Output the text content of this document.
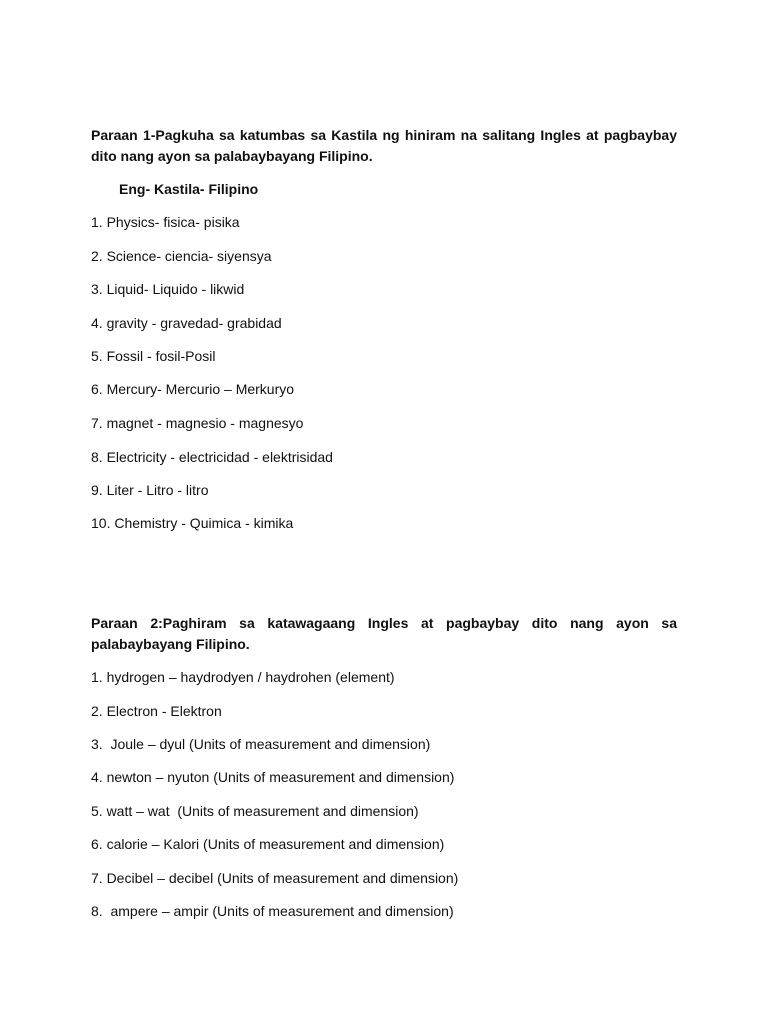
Paraan 1-Pagkuha sa katumbas sa Kastila ng hiniram na salitang Ingles at pagbaybay dito nang ayon sa palabaybayang Filipino.

Eng- Kastila- Filipino

1. Physics- fisica- pisika

2. Science- ciencia- siyensya

3. Liquid- Liquido - likwid

4. gravity - gravedad- grabidad

5. Fossil - fosil-Posil

6. Mercury- Mercurio – Merkuryo

7. magnet - magnesio - magnesyo

8. Electricity - electricidad - elektrisidad

9. Liter - Litro - litro

10. Chemistry - Quimica - kimika

Paraan 2:Paghiram sa katawagaang Ingles at pagbaybay dito nang ayon sa palabaybayang Filipino.

1. hydrogen – haydrodyen / haydrohen (element)

2. Electron - Elektron

3.  Joule – dyul (Units of measurement and dimension)

4. newton – nyuton (Units of measurement and dimension)

5. watt – wat  (Units of measurement and dimension)

6. calorie – Kalori (Units of measurement and dimension)

7. Decibel – decibel (Units of measurement and dimension)

8.  ampere – ampir (Units of measurement and dimension)
